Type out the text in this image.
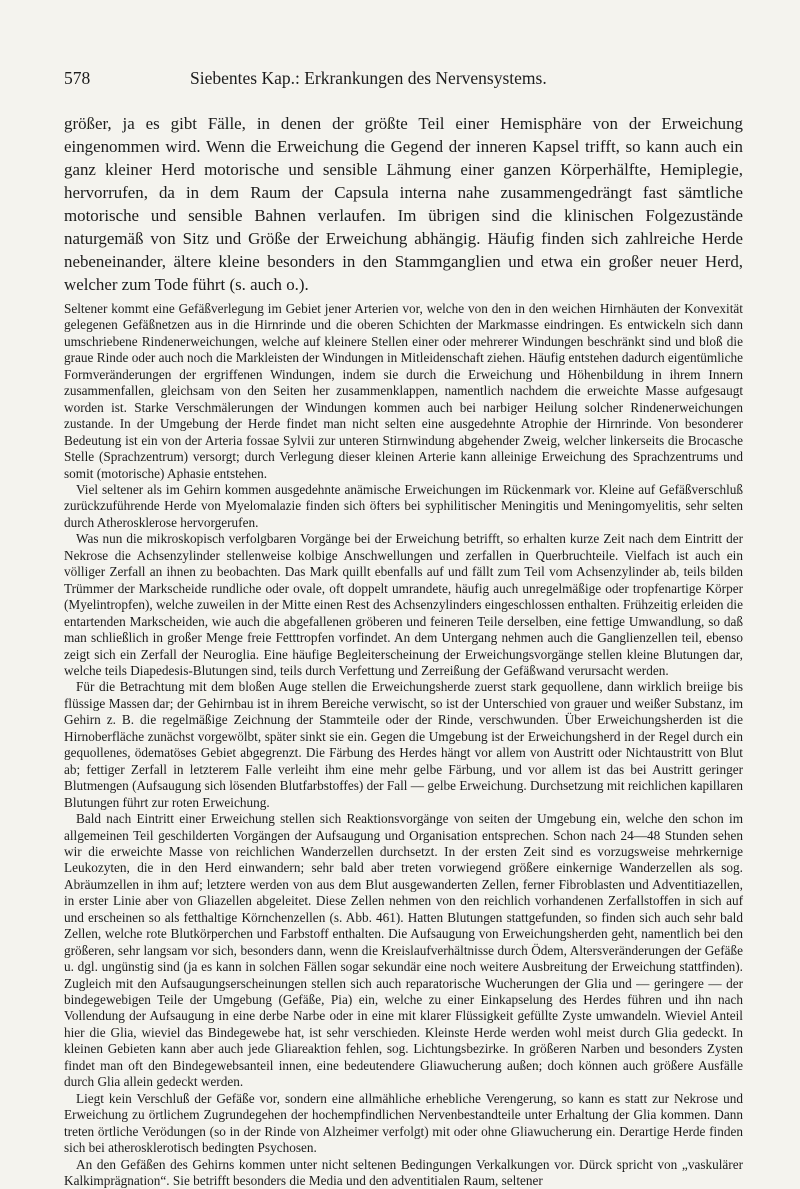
578	Siebentes Kap.: Erkrankungen des Nervensystems.

größer, ja es gibt Fälle, in denen der größte Teil einer Hemisphäre von der Erweichung eingenommen wird. Wenn die Erweichung die Gegend der inneren Kapsel trifft, so kann auch ein ganz kleiner Herd motorische und sensible Lähmung einer ganzen Körperhälfte, Hemiplegie, hervorrufen, da in dem Raum der Capsula interna nahe zusammengedrängt fast sämtliche motorische und sensible Bahnen verlaufen. Im übrigen sind die klinischen Folgezustände naturgemäß von Sitz und Größe der Erweichung abhängig. Häufig finden sich zahlreiche Herde nebeneinander, ältere kleine besonders in den Stammganglien und etwa ein großer neuer Herd, welcher zum Tode führt (s. auch o.).

Seltener kommt eine Gefäßverlegung im Gebiet jener Arterien vor, welche von den in den weichen Hirnhäuten der Konvexität gelegenen Gefäßnetzen aus in die Hirnrinde und die oberen Schichten der Markmasse eindringen. Es entwickeln sich dann umschriebene Rindenerweichungen, welche auf kleinere Stellen einer oder mehrerer Windungen beschränkt sind und bloß die graue Rinde oder auch noch die Markleisten der Windungen in Mitleidenschaft ziehen. Häufig entstehen dadurch eigentümliche Formveränderungen der ergriffenen Windungen, indem sie durch die Erweichung und Höhenbildung in ihrem Innern zusammenfallen, gleichsam von den Seiten her zusammenklappen, namentlich nachdem die erweichte Masse aufgesaugt worden ist. Starke Verschmälerungen der Windungen kommen auch bei narbiger Heilung solcher Rindenerweichungen zustande. In der Umgebung der Herde findet man nicht selten eine ausgedehnte Atrophie der Hirnrinde. Von besonderer Bedeutung ist ein von der Arteria fossae Sylvii zur unteren Stirnwindung abgehender Zweig, welcher linkerseits die Brocasche Stelle (Sprachzentrum) versorgt; durch Verlegung dieser kleinen Arterie kann alleinige Erweichung des Sprachzentrums und somit (motorische) Aphasie entstehen.

Viel seltener als im Gehirn kommen ausgedehnte anämische Erweichungen im Rückenmark vor. Kleine auf Gefäßverschluß zurückzuführende Herde von Myelomalazie finden sich öfters bei syphilitischer Meningitis und Meningomyelitis, sehr selten durch Atherosklerose hervorgerufen.

Was nun die mikroskopisch verfolgbaren Vorgänge bei der Erweichung betrifft, so erhalten kurze Zeit nach dem Eintritt der Nekrose die Achsenzylinder stellenweise kolbige Anschwellungen und zerfallen in Querbruchteile. Vielfach ist auch ein völliger Zerfall an ihnen zu beobachten. Das Mark quillt ebenfalls auf und fällt zum Teil vom Achsenzylinder ab, teils bilden Trümmer der Markscheide rundliche oder ovale, oft doppelt umrandete, häufig auch unregelmäßige oder tropfenartige Körper (Myelintropfen), welche zuweilen in der Mitte einen Rest des Achsenzylinders eingeschlossen enthalten. Frühzeitig erleiden die entartenden Markscheiden, wie auch die abgefallenen gröberen und feineren Teile derselben, eine fettige Umwandlung, so daß man schließlich in großer Menge freie Fetttropfen vorfindet. An dem Untergang nehmen auch die Ganglienzellen teil, ebenso zeigt sich ein Zerfall der Neuroglia. Eine häufige Begleiterscheinung der Erweichungsvorgänge stellen kleine Blutungen dar, welche teils Diapedesis-Blutungen sind, teils durch Verfettung und Zerreißung der Gefäßwand verursacht werden.

Für die Betrachtung mit dem bloßen Auge stellen die Erweichungsherde zuerst stark gequollene, dann wirklich breiige bis flüssige Massen dar; der Gehirnbau ist in ihrem Bereiche verwischt, so ist der Unterschied von grauer und weißer Substanz, im Gehirn z. B. die regelmäßige Zeichnung der Stammteile oder der Rinde, verschwunden. Über Erweichungsherden ist die Hirnoberfläche zunächst vorgewölbt, später sinkt sie ein. Gegen die Umgebung ist der Erweichungsherd in der Regel durch ein gequollenes, ödematöses Gebiet abgegrenzt. Die Färbung des Herdes hängt vor allem von Austritt oder Nichtaustritt von Blut ab; fettiger Zerfall in letzterem Falle verleiht ihm eine mehr gelbe Färbung, und vor allem ist das bei Austritt geringer Blutmengen (Aufsaugung sich lösenden Blutfarbstoffes) der Fall — gelbe Erweichung. Durchsetzung mit reichlichen kapillaren Blutungen führt zur roten Erweichung.

Bald nach Eintritt einer Erweichung stellen sich Reaktionsvorgänge von seiten der Umgebung ein, welche den schon im allgemeinen Teil geschilderten Vorgängen der Aufsaugung und Organisation entsprechen. Schon nach 24—48 Stunden sehen wir die erweichte Masse von reichlichen Wanderzellen durchsetzt. In der ersten Zeit sind es vorzugsweise mehrkernige Leukozyten, die in den Herd einwandern; sehr bald aber treten vorwiegend größere einkernige Wanderzellen als sog. Abräumzellen in ihm auf; letztere werden von aus dem Blut ausgewanderten Zellen, ferner Fibroblasten und Adventitiazellen, in erster Linie aber von Gliazellen abgeleitet. Diese Zellen nehmen von den reichlich vorhandenen Zerfallstoffen in sich auf und erscheinen so als fetthaltige Körnchenzellen (s. Abb. 461). Hatten Blutungen stattgefunden, so finden sich auch sehr bald Zellen, welche rote Blutkörperchen und Farbstoff enthalten. Die Aufsaugung von Erweichungsherden geht, namentlich bei den größeren, sehr langsam vor sich, besonders dann, wenn die Kreislaufverhältnisse durch Ödem, Altersveränderungen der Gefäße u. dgl. ungünstig sind (ja es kann in solchen Fällen sogar sekundär eine noch weitere Ausbreitung der Erweichung stattfinden). Zugleich mit den Aufsaugungserscheinungen stellen sich auch reparatorische Wucherungen der Glia und — geringere — der bindegewebigen Teile der Umgebung (Gefäße, Pia) ein, welche zu einer Einkapselung des Herdes führen und ihn nach Vollendung der Aufsaugung in eine derbe Narbe oder in eine mit klarer Flüssigkeit gefüllte Zyste umwandeln. Wieviel Anteil hier die Glia, wieviel das Bindegewebe hat, ist sehr verschieden. Kleinste Herde werden wohl meist durch Glia gedeckt. In kleinen Gebieten kann aber auch jede Gliareaktion fehlen, sog. Lichtungsbezirke. In größeren Narben und besonders Zysten findet man oft den Bindegewebsanteil innen, eine bedeutendere Gliawucherung außen; doch können auch größere Ausfälle durch Glia allein gedeckt werden.

Liegt kein Verschluß der Gefäße vor, sondern eine allmähliche erhebliche Verengerung, so kann es statt zur Nekrose und Erweichung zu örtlichem Zugrundegehen der hochempfindlichen Nervenbestandteile unter Erhaltung der Glia kommen. Dann treten örtliche Verödungen (so in der Rinde von Alzheimer verfolgt) mit oder ohne Gliawucherung ein. Derartige Herde finden sich bei atherosklerotisch bedingten Psychosen.

An den Gefäßen des Gehirns kommen unter nicht seltenen Bedingungen Verkalkungen vor. Dürck spricht von „vaskulärer Kalkimprägnation“. Sie betrifft besonders die Media und den adventitialen Raum, seltener
